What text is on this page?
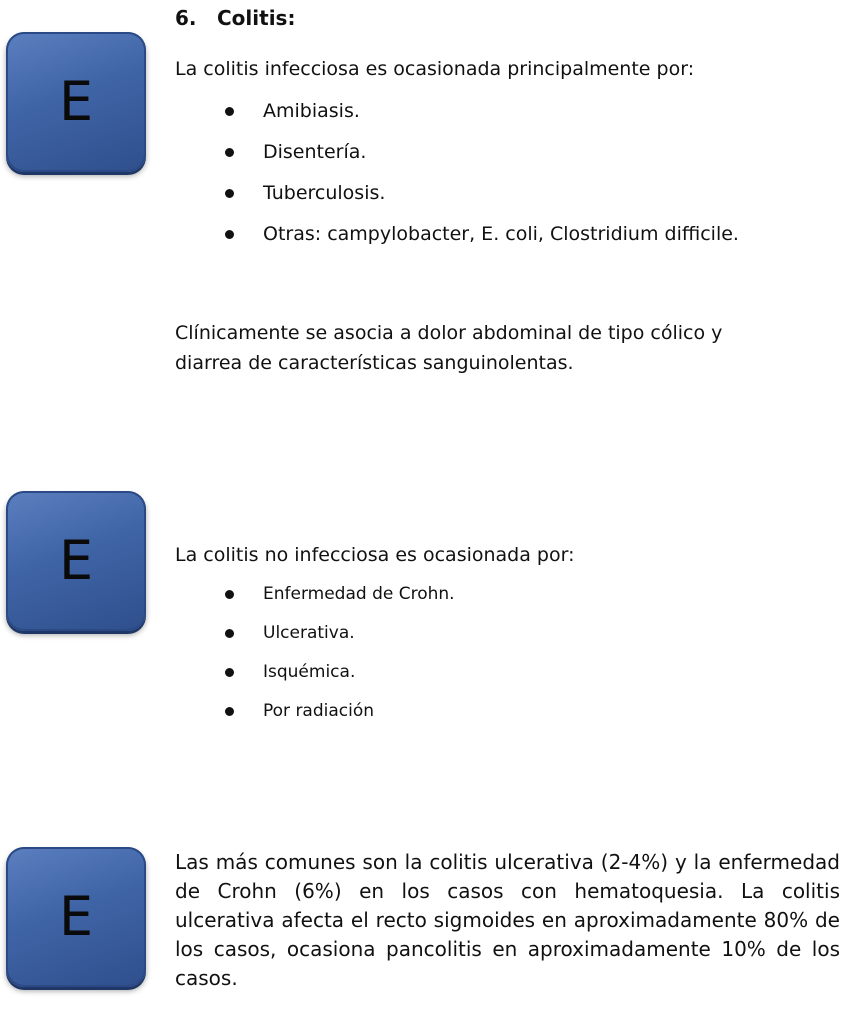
E
E
E

6. Colitis:

La colitis infecciosa es ocasionada principalmente por:

Amibiasis.
Disentería.
Tuberculosis.
Otras: campylobacter, E. coli, Clostridium difficile.

Clínicamente se asocia a dolor abdominal de tipo cólico y

diarrea de características sanguinolentas.

La colitis no infecciosa es ocasionada por:

Enfermedad de Crohn.
Ulcerativa.
Isquémica.
Por radiación

Las más comunes son la colitis ulcerativa (2-4%) y la enfermedad de Crohn (6%) en los casos con hematoquesia. La colitis ulcerativa afecta el recto sigmoides en aproximadamente 80% de los casos, ocasiona pancolitis en aproximadamente 10% de los casos.
